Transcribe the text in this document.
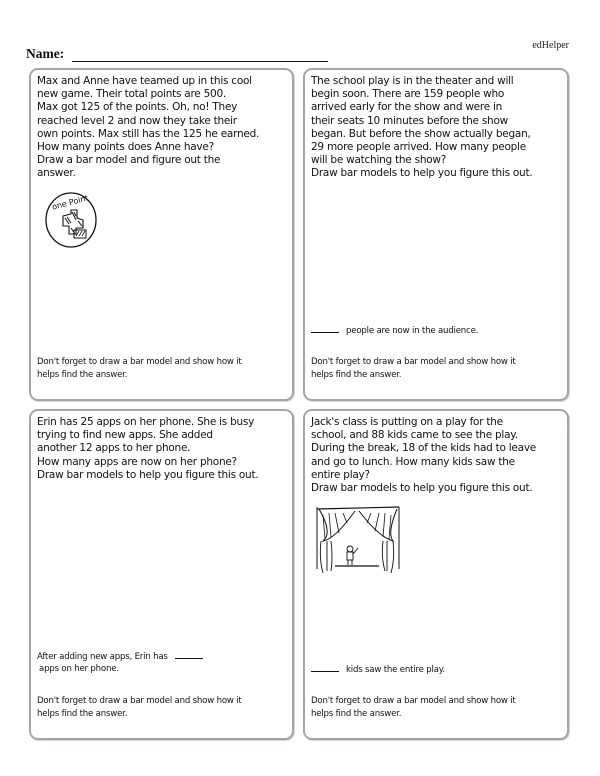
edHelper
Name:

Max and Anne have teamed up in this cool

new game. Their total points are 500.

Max got 125 of the points. Oh, no! They

reached level 2 and now they take their

own points. Max still has the 125 he earned.

How many points does Anne have?

Draw a bar model and figure out the

answer.

one Point
Don't forget to draw a bar model and show how it
helps find the answer.

The school play is in the theater and will

begin soon. There are 159 people who

arrived early for the show and were in

their seats 10 minutes before the show

began. But before the show actually began,

29 more people arrived. How many people

will be watching the show?

Draw bar models to help you figure this out.

people are now in the audience.
Don't forget to draw a bar model and show how it
helps find the answer.

Erin has 25 apps on her phone. She is busy

trying to find new apps. She added

another 12 apps to her phone.

How many apps are now on her phone?

Draw bar models to help you figure this out.

After adding new apps, Erin has
apps on her phone.
Don't forget to draw a bar model and show how it
helps find the answer.

Jack's class is putting on a play for the

school, and 88 kids came to see the play.

During the break, 18 of the kids had to leave

and go to lunch. How many kids saw the

entire play?

Draw bar models to help you figure this out.

kids saw the entire play.
Don't forget to draw a bar model and show how it
helps find the answer.
